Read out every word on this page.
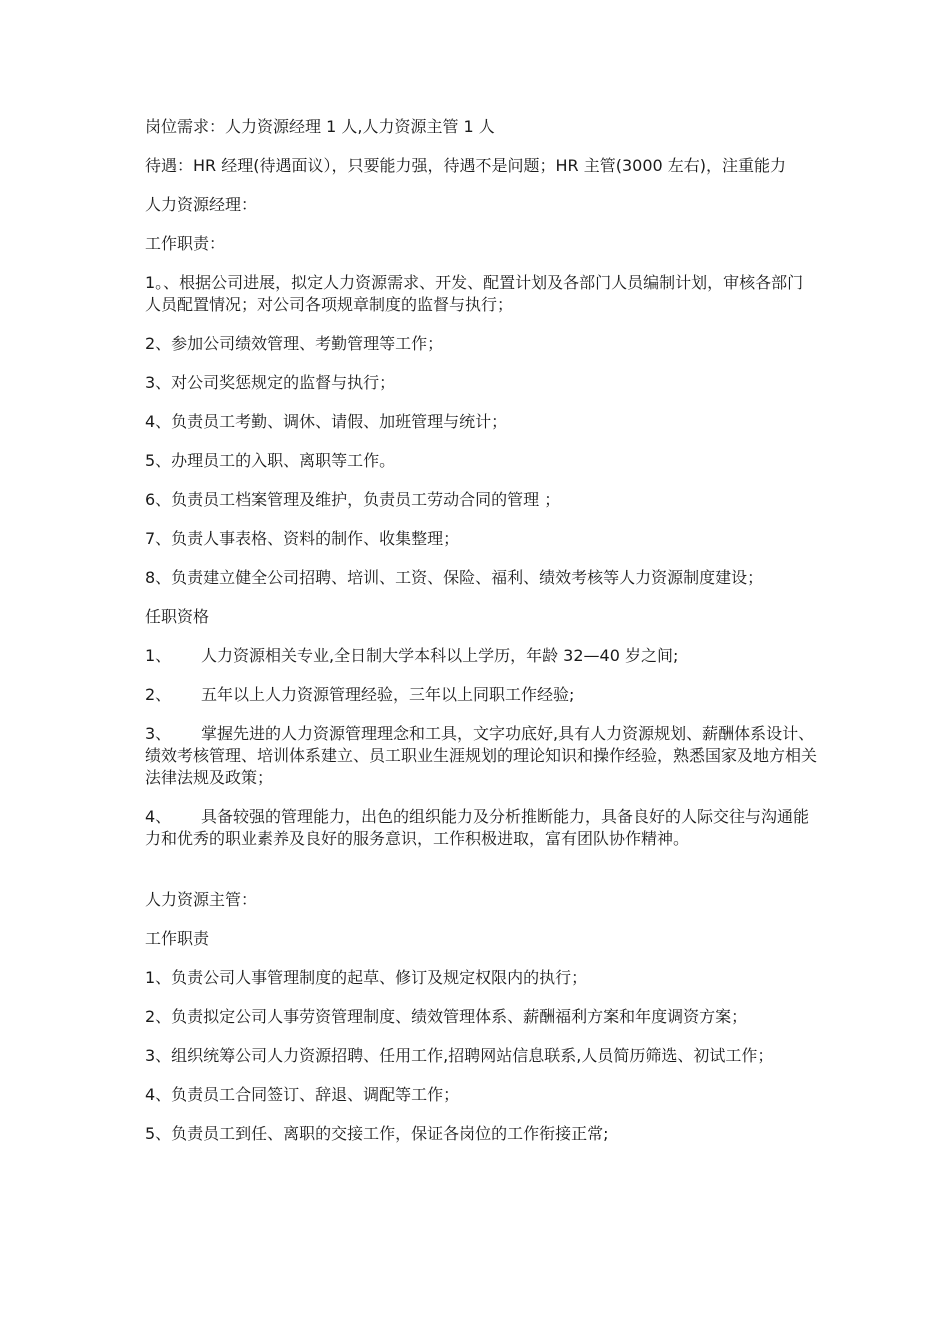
岗位需求：人力资源经理 1 人,人力资源主管 1 人

待遇：HR 经理(待遇面议），只要能力强，待遇不是问题；HR 主管(3000 左右)，注重能力

人力资源经理：

工作职责：

1。、根据公司进展，拟定人力资源需求、开发、配置计划及各部门人员编制计划，审核各部门人员配置情况；对公司各项规章制度的监督与执行；

2、参加公司绩效管理、考勤管理等工作；

3、对公司奖惩规定的监督与执行；

4、负责员工考勤、调休、请假、加班管理与统计；

5、办理员工的入职、离职等工作。

6、负责员工档案管理及维护，负责员工劳动合同的管理 ；

7、负责人事表格、资料的制作、收集整理；

8、负责建立健全公司招聘、培训、工资、保险、福利、绩效考核等人力资源制度建设；

任职资格

1、 人力资源相关专业,全日制大学本科以上学历，年龄 32—40 岁之间;

2、 五年以上人力资源管理经验，三年以上同职工作经验;

3、 掌握先进的人力资源管理理念和工具，文字功底好,具有人力资源规划、薪酬体系设计、绩效考核管理、培训体系建立、员工职业生涯规划的理论知识和操作经验，熟悉国家及地方相关法律法规及政策；

4、 具备较强的管理能力，出色的组织能力及分析推断能力，具备良好的人际交往与沟通能力和优秀的职业素养及良好的服务意识，工作积极进取，富有团队协作精神。

人力资源主管：

工作职责

1、负责公司人事管理制度的起草、修订及规定权限内的执行；

2、负责拟定公司人事劳资管理制度、绩效管理体系、薪酬福利方案和年度调资方案；

3、组织统筹公司人力资源招聘、任用工作,招聘网站信息联系,人员简历筛选、初试工作；

4、负责员工合同签订、辞退、调配等工作；

5、负责员工到任、离职的交接工作，保证各岗位的工作衔接正常;
